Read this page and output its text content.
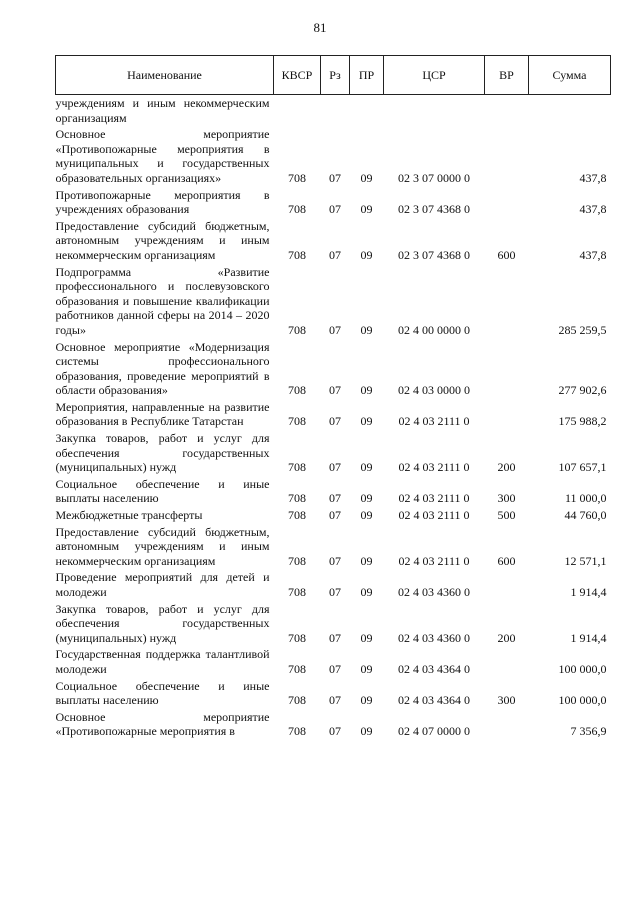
81
Наименование	КВСР	Рз	ПР	ЦСР	ВР	Сумма
учреждениям и иным некоммерческим организациям						
Основное мероприятие «Противопожарные мероприятия в муниципальных и государственных образовательных организациях»	708	07	09	02 3 07 0000 0		437,8
Противопожарные мероприятия в учреждениях образования	708	07	09	02 3 07 4368 0		437,8
Предоставление субсидий бюджетным, автономным учреждениям и иным некоммерческим организациям	708	07	09	02 3 07 4368 0	600	437,8
Подпрограмма «Развитие профессионального и послевузовского образования и повышение квалификации работников данной сферы на 2014 – 2020 годы»	708	07	09	02 4 00 0000 0		285 259,5
Основное мероприятие «Модернизация системы профессионального образования, проведение мероприятий в области образования»	708	07	09	02 4 03 0000 0		277 902,6
Мероприятия, направленные на развитие образования в Республике Татарстан	708	07	09	02 4 03 2111 0		175 988,2
Закупка товаров, работ и услуг для обеспечения государственных (муниципальных) нужд	708	07	09	02 4 03 2111 0	200	107 657,1
Социальное обеспечение и иные выплаты населению	708	07	09	02 4 03 2111 0	300	11 000,0
Межбюджетные трансферты	708	07	09	02 4 03 2111 0	500	44 760,0
Предоставление субсидий бюджетным, автономным учреждениям и иным некоммерческим организациям	708	07	09	02 4 03 2111 0	600	12 571,1
Проведение мероприятий для детей и молодежи	708	07	09	02 4 03 4360 0		1 914,4
Закупка товаров, работ и услуг для обеспечения государственных (муниципальных) нужд	708	07	09	02 4 03 4360 0	200	1 914,4
Государственная поддержка талантливой молодежи	708	07	09	02 4 03 4364 0		100 000,0
Социальное обеспечение и иные выплаты населению	708	07	09	02 4 03 4364 0	300	100 000,0
Основное мероприятие «Противопожарные мероприятия в	708	07	09	02 4 07 0000 0		7 356,9
